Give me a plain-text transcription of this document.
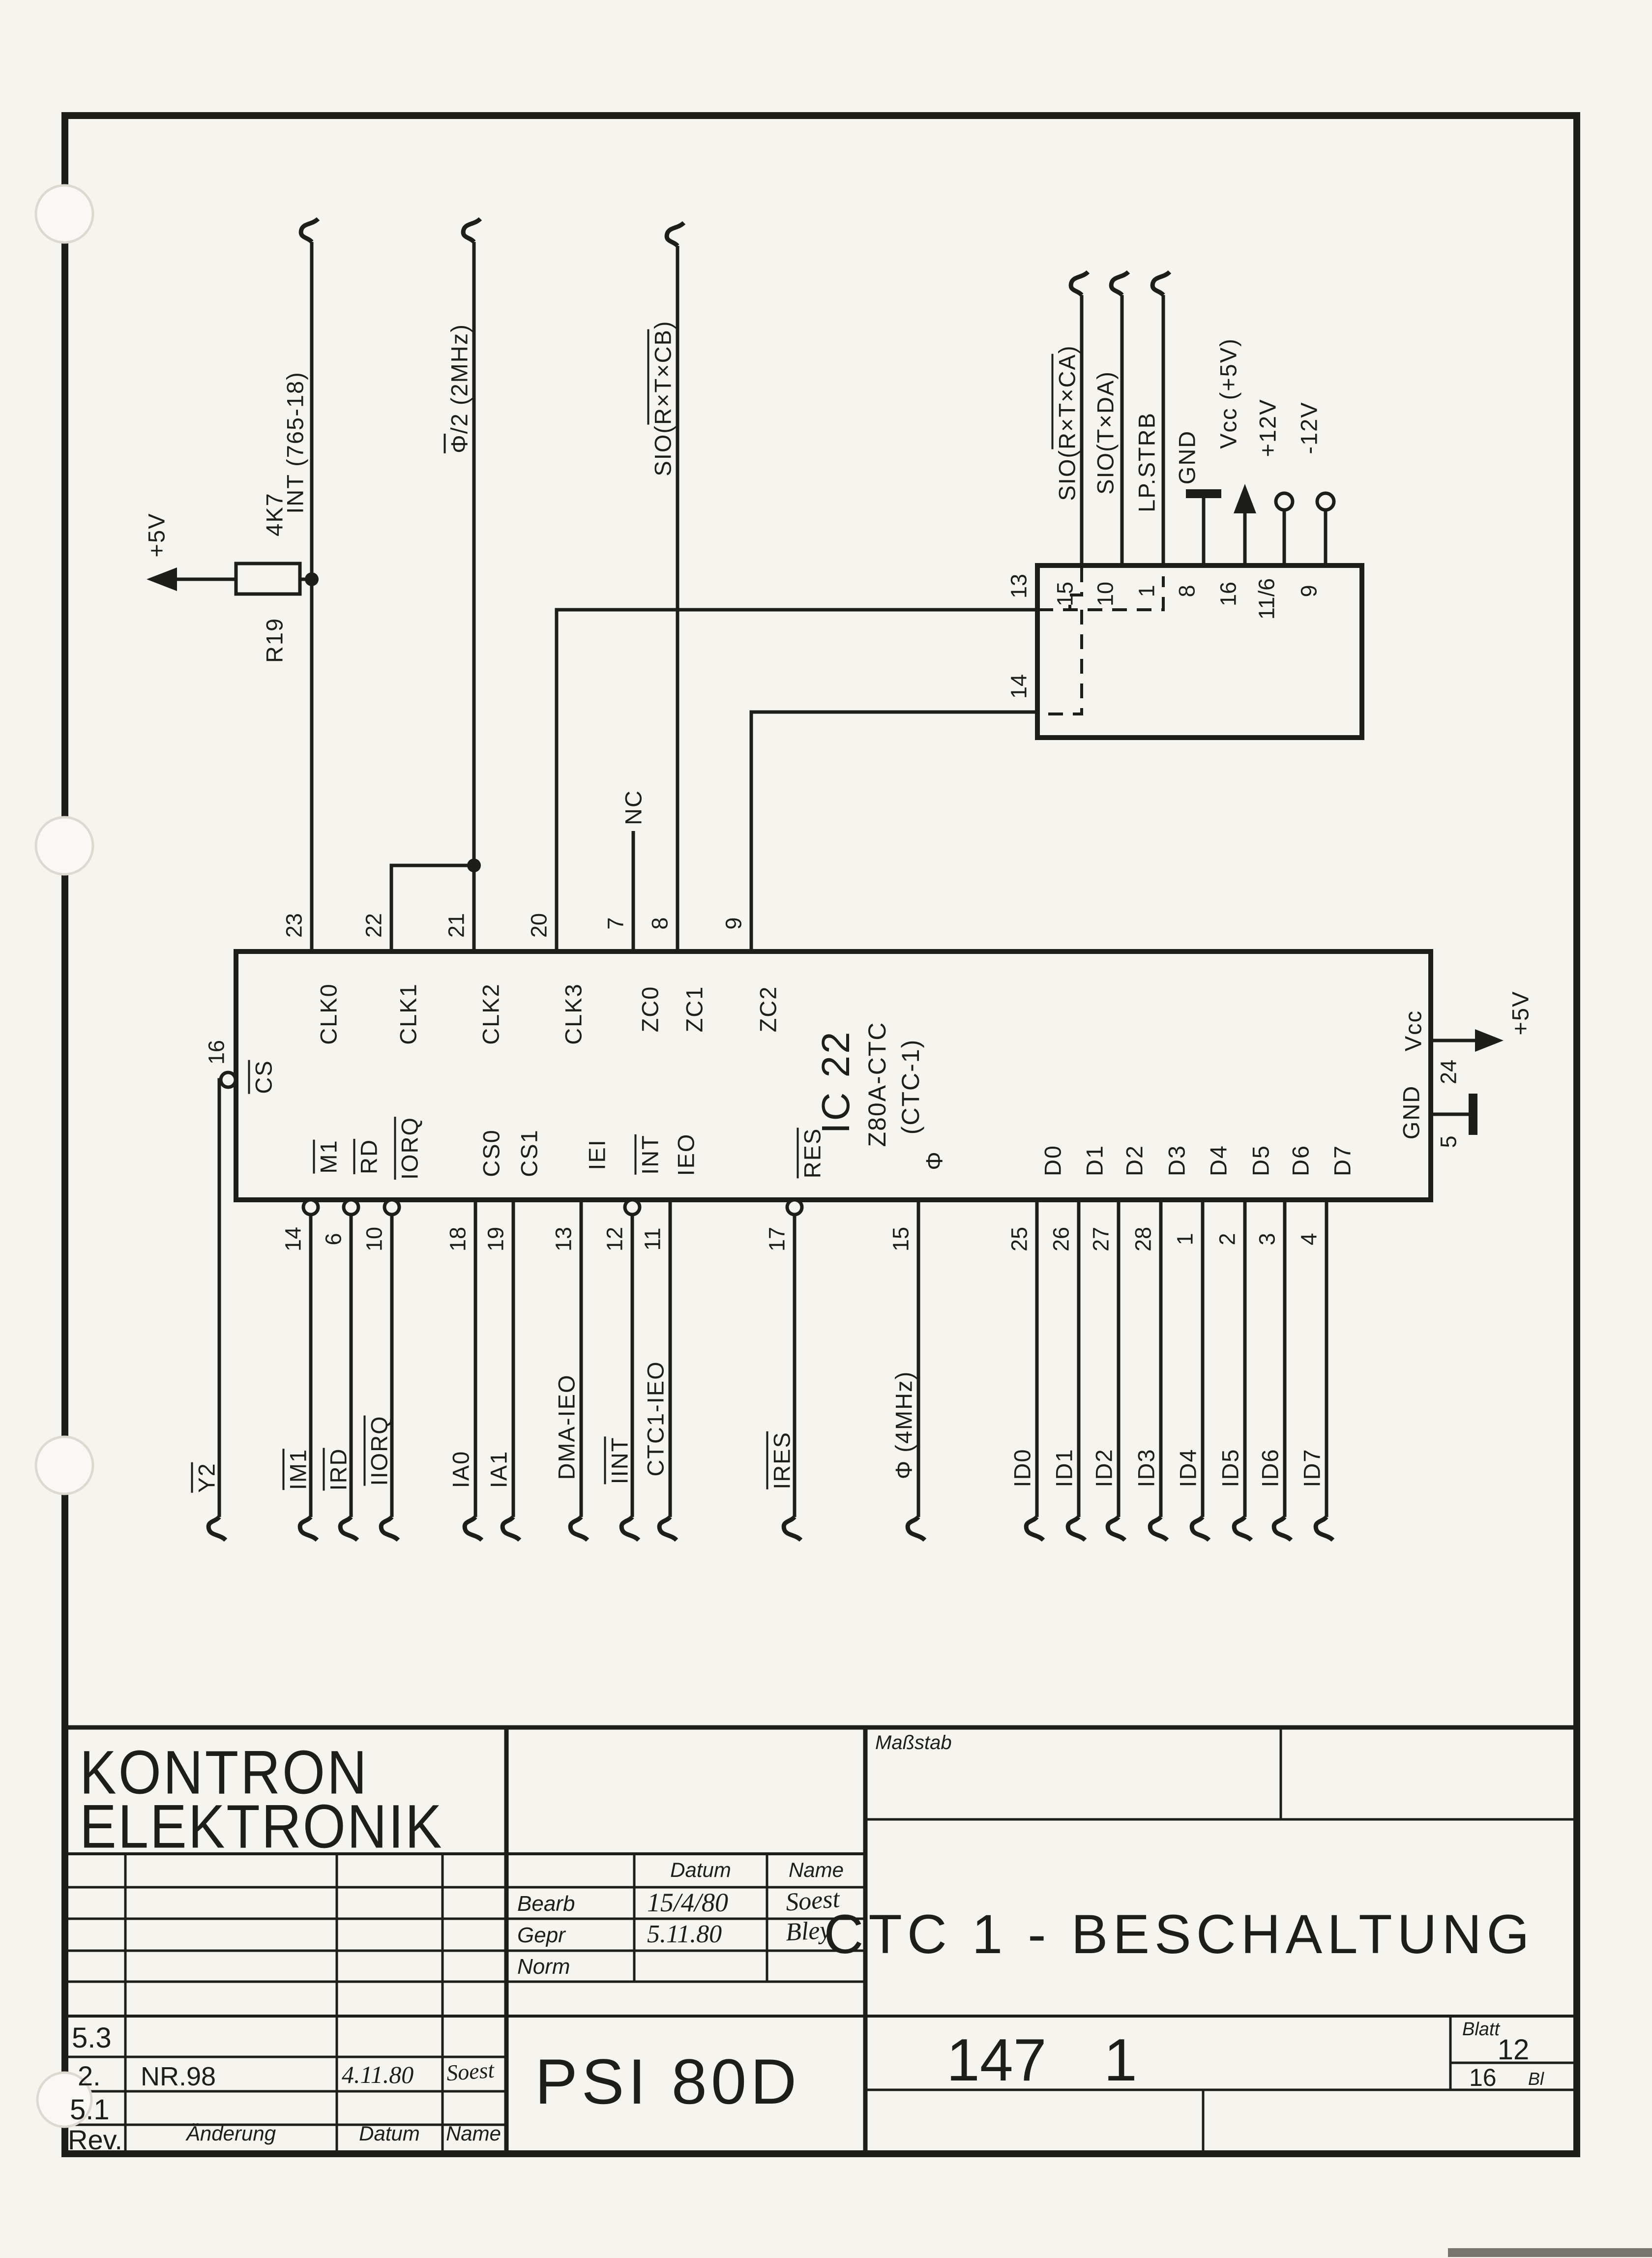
+5V	4K7
R19
INT (765-18)	Φ/2 (2MHz)
SIO(R×T×CB)
NC
SIO(R×T×CA)
SIO(T×DA) LP.STRB GND
Vcc (+5V) +12V -12V
15 10 1 8 16 11/6 9
13
14
IC 22 Z80A-CTC (CTC-1)
23 22	21	20 7 8 9
CLK0 CLK1 CLK2 CLK3 ZC0 ZC1 ZC2
16
CS
Vcc
24
+5V
GND
5
M1 RD IORQ CS0 CS1 IEI INT IEO	RES	Φ	D0 D1 D2 D3 D4 D5 D6 D7
14 6 10	18 19 13 12 11	17	15	25 26 27 28 1 2 3 4
Y2	IM1 IRD IIORQ IA0 IA1 DMA-IEO IINT CTC1-IEO	IRES	Φ (4MHz)	ID0 ID1 ID2 ID3 ID4 ID5 ID6 ID7
KONTRON
ELEKTRONIK
Maßstab
CTC 1 - BESCHALTUNG
Datum	Name
Bearb	15/4/80 Soest
Gepr	5.11.80 Bley
Norm
PSI 80D 147 1	Blatt
12
16 Bl
5.3
2. NR.98	4.11.80 Soest
5.1
Rev.	Änderung	Datum Name
